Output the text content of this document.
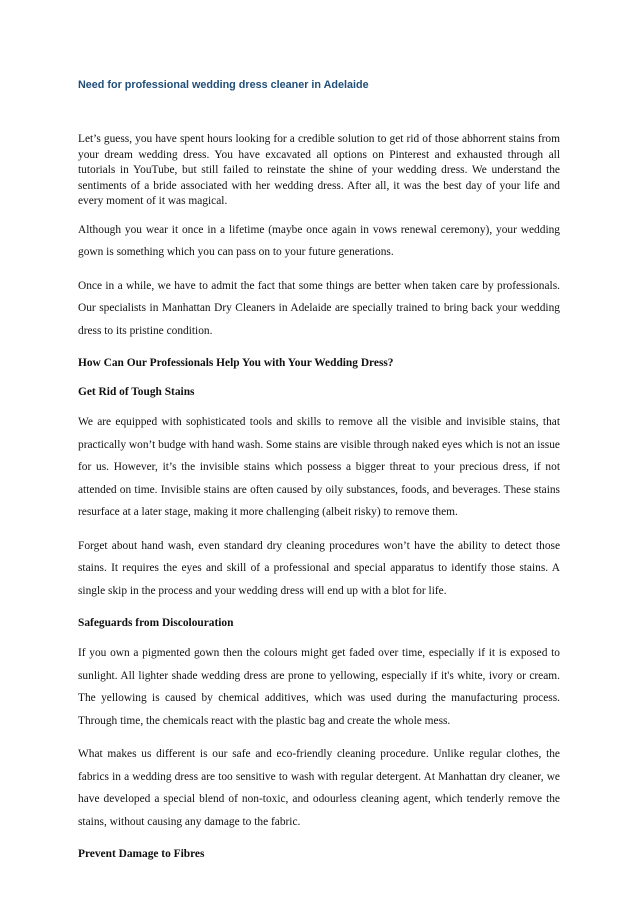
Need for professional wedding dress cleaner in Adelaide

Let’s guess, you have spent hours looking for a credible solution to get rid of those abhorrent stains from your dream wedding dress. You have excavated all options on Pinterest and exhausted through all tutorials in YouTube, but still failed to reinstate the shine of your wedding dress. We understand the sentiments of a bride associated with her wedding dress. After all, it was the best day of your life and every moment of it was magical.

Although you wear it once in a lifetime (maybe once again in vows renewal ceremony), your wedding gown is something which you can pass on to your future generations.

Once in a while, we have to admit the fact that some things are better when taken care by professionals. Our specialists in Manhattan Dry Cleaners in Adelaide are specially trained to bring back your wedding dress to its pristine condition.

How Can Our Professionals Help You with Your Wedding Dress?
Get Rid of Tough Stains

We are equipped with sophisticated tools and skills to remove all the visible and invisible stains, that practically won’t budge with hand wash. Some stains are visible through naked eyes which is not an issue for us. However, it’s the invisible stains which possess a bigger threat to your precious dress, if not attended on time. Invisible stains are often caused by oily substances, foods, and beverages. These stains resurface at a later stage, making it more challenging (albeit risky) to remove them.

Forget about hand wash, even standard dry cleaning procedures won’t have the ability to detect those stains. It requires the eyes and skill of a professional and special apparatus to identify those stains. A single skip in the process and your wedding dress will end up with a blot for life.

Safeguards from Discolouration

If you own a pigmented gown then the colours might get faded over time, especially if it is exposed to sunlight. All lighter shade wedding dress are prone to yellowing, especially if it's white, ivory or cream. The yellowing is caused by chemical additives, which was used during the manufacturing process. Through time, the chemicals react with the plastic bag and create the whole mess.

What makes us different is our safe and eco-friendly cleaning procedure. Unlike regular clothes, the fabrics in a wedding dress are too sensitive to wash with regular detergent. At Manhattan dry cleaner, we have developed a special blend of non-toxic, and odourless cleaning agent, which tenderly remove the stains, without causing any damage to the fabric.

Prevent Damage to Fibres
